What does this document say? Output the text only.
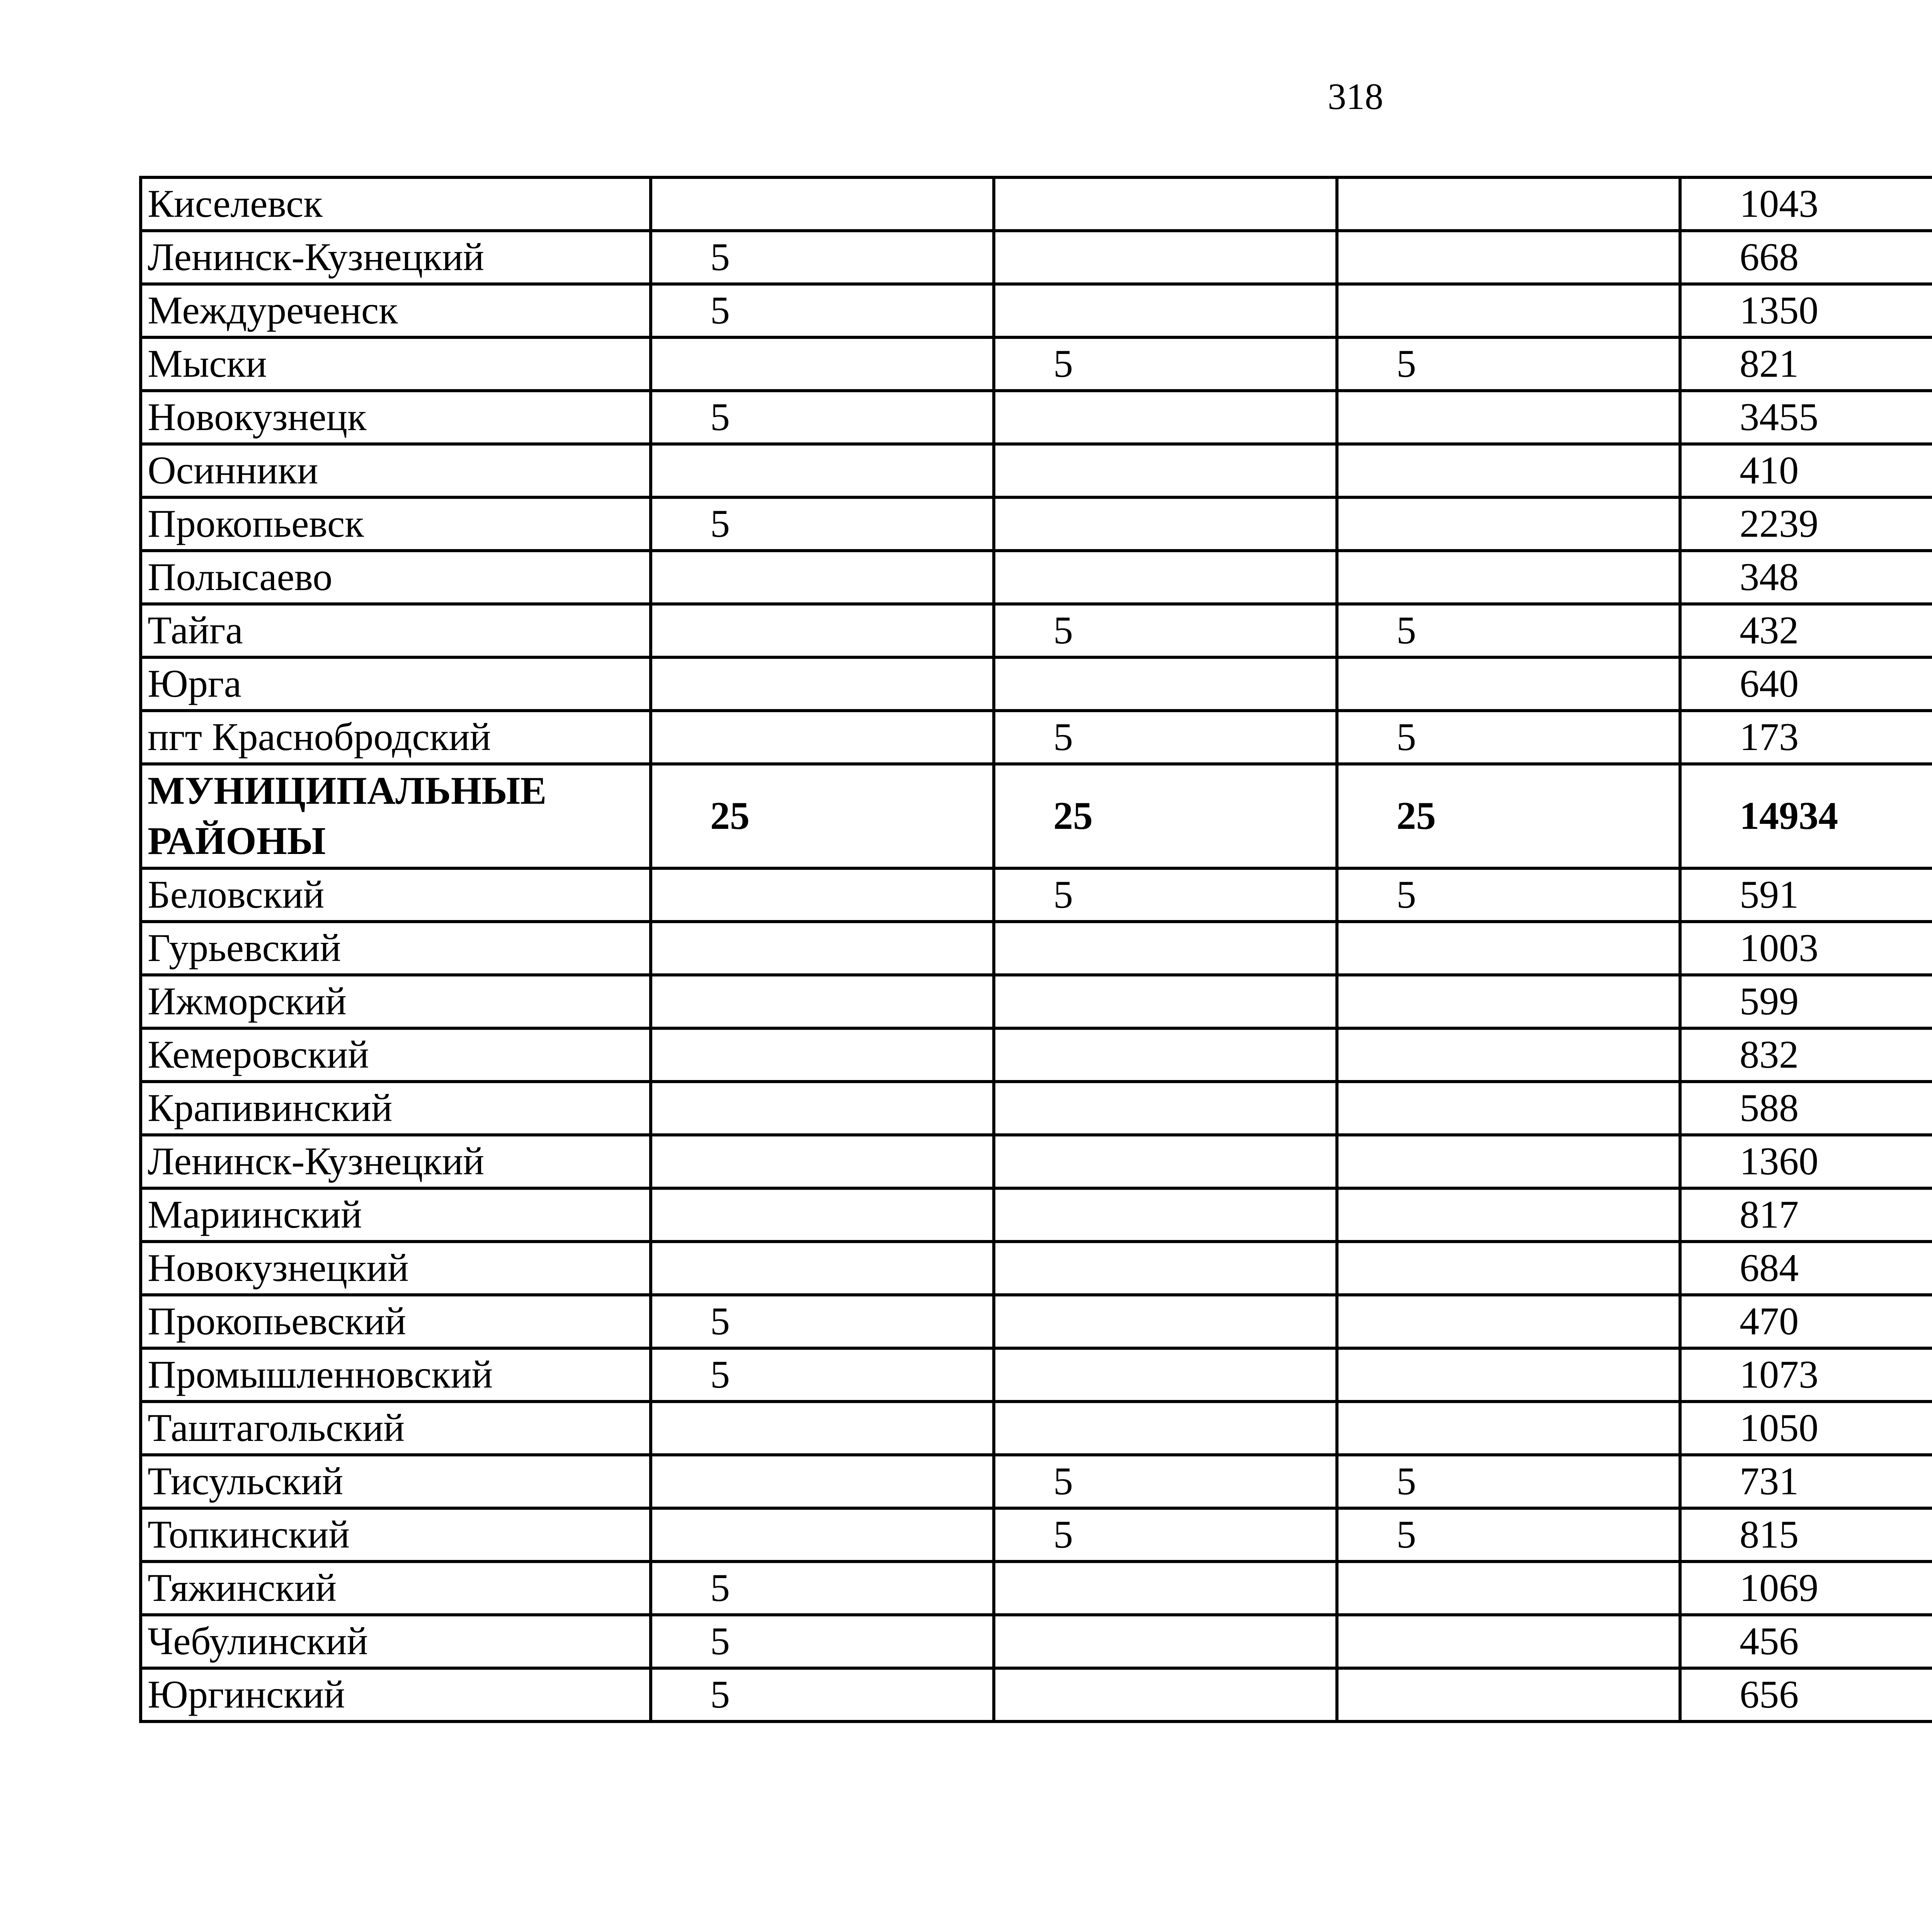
318
Киселевск				1043		
Ленинск-Кузнецкий	5			668		
Междуреченск	5			1350		
Мыски		5	5	821		
Новокузнецк	5			3455		
Осинники				410		
Прокопьевск	5			2239		
Полысаево				348		
Тайга		5	5	432		
Юрга				640		
пгт Краснобродский		5	5	173		
МУНИЦИПАЛЬНЫЕ РАЙОНЫ	25	25	25	14934		
Беловский		5	5	591		
Гурьевский				1003		
Ижморский				599		
Кемеровский				832		
Крапивинский				588		
Ленинск-Кузнецкий				1360		
Мариинский				817		
Новокузнецкий				684		
Прокопьевский	5			470		
Промышленновский	5			1073		
Таштагольский				1050		
Тисульский		5	5	731		
Топкинский		5	5	815		
Тяжинский	5			1069		
Чебулинский	5			456		
Юргинский	5			656		
